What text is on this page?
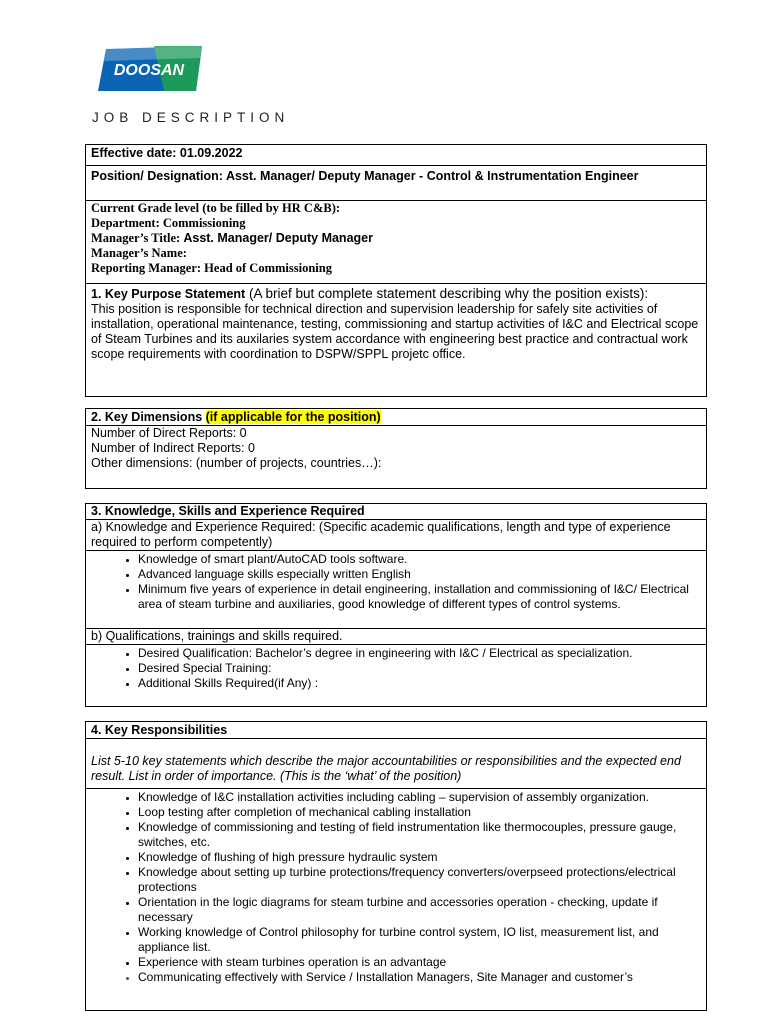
DOOSAN
JOB DESCRIPTION
Effective date: 01.09.2022
Position/ Designation: Asst. Manager/ Deputy Manager - Control & Instrumentation Engineer

Current Grade level (to be filled by HR C&B):
Department: Commissioning
Manager’s Title: Asst. Manager/ Deputy Manager
Manager’s Name:
Reporting Manager: Head of Commissioning

1. Key Purpose Statement (A brief but complete statement describing why the position exists):
This position is responsible for technical direction and supervision leadership for safely site activities of installation, operational maintenance, testing, commissioning and startup activities of I&C and Electrical scope of Steam Turbines and its auxilaries system accordance with engineering best practice and contractual work scope requirements with coordination to DSPW/SPPL projetc office.
2. Key Dimensions (if applicable for the position)

Number of Direct Reports: 0
Number of Indirect Reports: 0
Other dimensions: (number of projects, countries…):
3. Knowledge, Skills and Experience Required
a) Knowledge and Experience Required: (Specific academic qualifications, length and type of experience required to perform competently)

• Knowledge of smart plant/AutoCAD tools software.
• Advanced language skills especially written English
• Minimum five years of experience in detail engineering, installation and commissioning of I&C/ Electrical area of steam turbine and auxiliaries, good knowledge of different types of control systems.

b) Qualifications, trainings and skills required.

• Desired Qualification: Bachelor’s degree in engineering with I&C / Electrical as specialization.
• Desired Special Training:
• Additional Skills Required(if Any) :
4. Key Responsibilities
List 5-10 key statements which describe the major accountabilities or responsibilities and the expected end result. List in order of importance. (This is the ‘what’ of the position)

• Knowledge of I&C installation activities including cabling – supervision of assembly organization.
• Loop testing after completion of mechanical cabling installation
• Knowledge of commissioning and testing of field instrumentation like thermocouples, pressure gauge, switches, etc.
• Knowledge of flushing of high pressure hydraulic system
• Knowledge about setting up turbine protections/frequency converters/overpseed protections/electrical protections
• Orientation in the logic diagrams for steam turbine and accessories operation - checking, update if necessary
• Working knowledge of Control philosophy for turbine control system, IO list, measurement list, and appliance list.
• Experience with steam turbines operation is an advantage
• Communicating effectively with Service / Installation Managers, Site Manager and customer’s
